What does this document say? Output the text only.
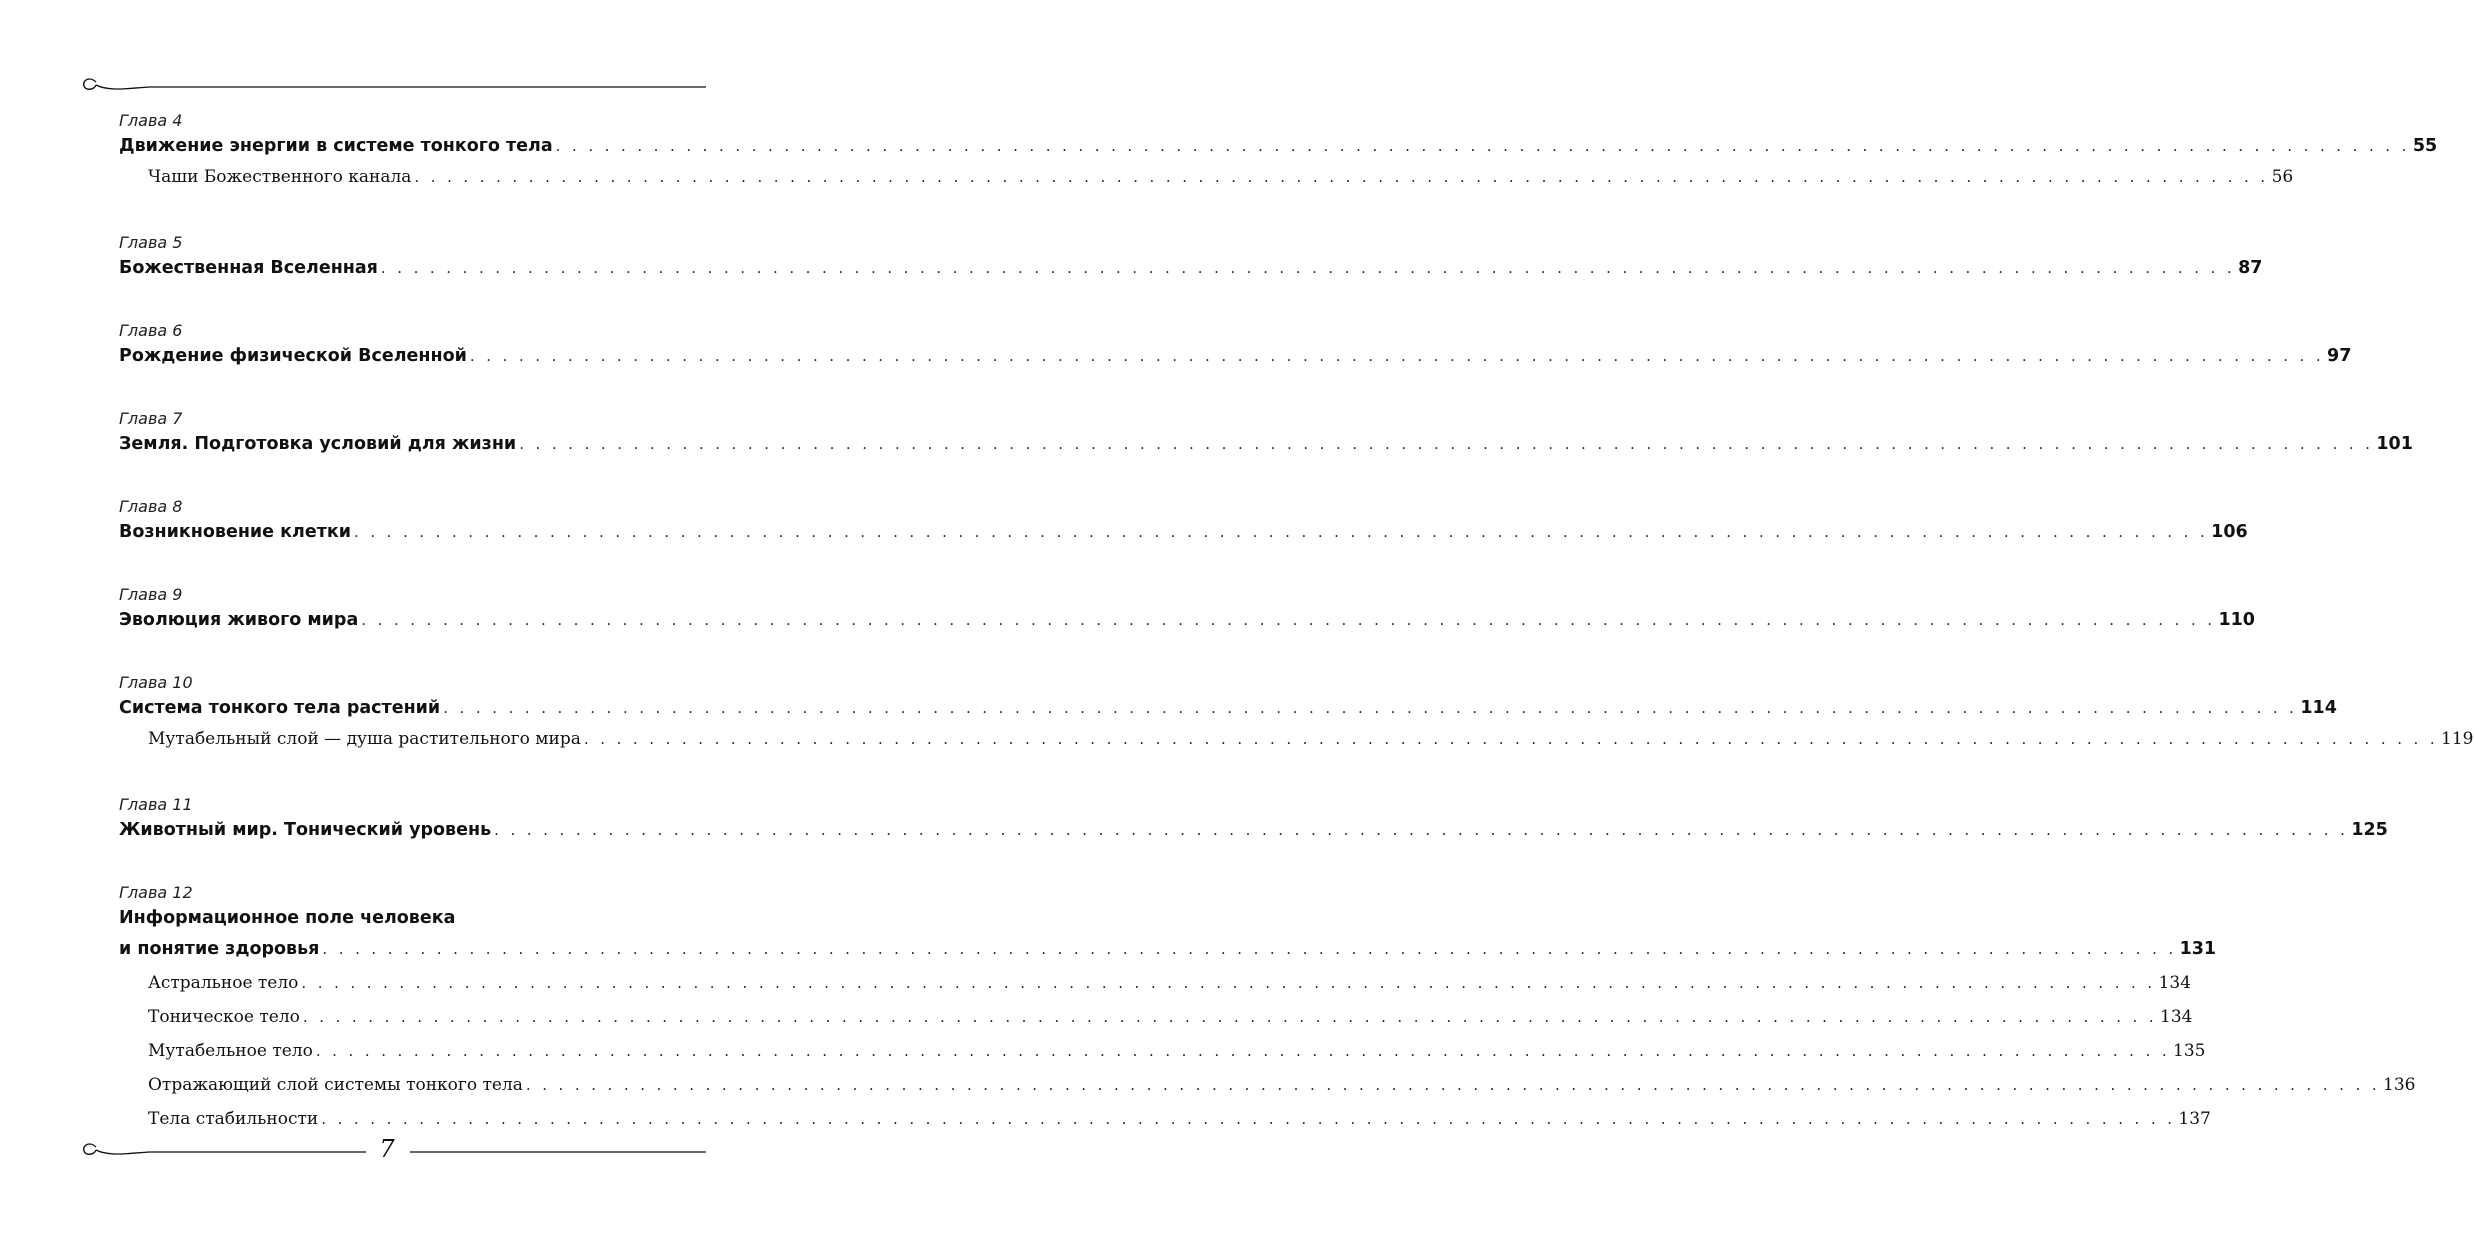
Глава 4
Движение энергии в системе тонкого тела . . . . . . . . . . . . . . . . . . . . . . . . . . . . . . . . . . . . . . . . . . . . . . . . . . . . . . . . . . . . . . . . . . . . . . . . . . . . . . . . . . . . . . . . . . . . . . . . . . . . . . . . . . . . . . . . . . 55
Чаши Божественного канала . . . . . . . . . . . . . . . . . . . . . . . . . . . . . . . . . . . . . . . . . . . . . . . . . . . . . . . . . . . . . . . . . . . . . . . . . . . . . . . . . . . . . . . . . . . . . . . . . . . . . . . . . . . . . . . . . . 56
Глава 5
Божественная Вселенная . . . . . . . . . . . . . . . . . . . . . . . . . . . . . . . . . . . . . . . . . . . . . . . . . . . . . . . . . . . . . . . . . . . . . . . . . . . . . . . . . . . . . . . . . . . . . . . . . . . . . . . . . . . . . . . . . . 87
Глава 6
Рождение физической Вселенной . . . . . . . . . . . . . . . . . . . . . . . . . . . . . . . . . . . . . . . . . . . . . . . . . . . . . . . . . . . . . . . . . . . . . . . . . . . . . . . . . . . . . . . . . . . . . . . . . . . . . . . . . . . . . . . . . . 97
Глава 7
Земля. Подготовка условий для жизни . . . . . . . . . . . . . . . . . . . . . . . . . . . . . . . . . . . . . . . . . . . . . . . . . . . . . . . . . . . . . . . . . . . . . . . . . . . . . . . . . . . . . . . . . . . . . . . . . . . . . . . . . . . . . . . . . . 101
Глава 8
Возникновение клетки . . . . . . . . . . . . . . . . . . . . . . . . . . . . . . . . . . . . . . . . . . . . . . . . . . . . . . . . . . . . . . . . . . . . . . . . . . . . . . . . . . . . . . . . . . . . . . . . . . . . . . . . . . . . . . . . . . 106
Глава 9
Эволюция живого мира . . . . . . . . . . . . . . . . . . . . . . . . . . . . . . . . . . . . . . . . . . . . . . . . . . . . . . . . . . . . . . . . . . . . . . . . . . . . . . . . . . . . . . . . . . . . . . . . . . . . . . . . . . . . . . . . . . 110
Глава 10
Система тонкого тела растений . . . . . . . . . . . . . . . . . . . . . . . . . . . . . . . . . . . . . . . . . . . . . . . . . . . . . . . . . . . . . . . . . . . . . . . . . . . . . . . . . . . . . . . . . . . . . . . . . . . . . . . . . . . . . . . . . . 114
Мутабельный слой — душа растительного мира . . . . . . . . . . . . . . . . . . . . . . . . . . . . . . . . . . . . . . . . . . . . . . . . . . . . . . . . . . . . . . . . . . . . . . . . . . . . . . . . . . . . . . . . . . . . . . . . . . . . . . . . . . . . . . . . . . 119
Глава 11
Животный мир. Тонический уровень . . . . . . . . . . . . . . . . . . . . . . . . . . . . . . . . . . . . . . . . . . . . . . . . . . . . . . . . . . . . . . . . . . . . . . . . . . . . . . . . . . . . . . . . . . . . . . . . . . . . . . . . . . . . . . . . . . 125
Глава 12
Информационное поле человека
и понятие здоровья . . . . . . . . . . . . . . . . . . . . . . . . . . . . . . . . . . . . . . . . . . . . . . . . . . . . . . . . . . . . . . . . . . . . . . . . . . . . . . . . . . . . . . . . . . . . . . . . . . . . . . . . . . . . . . . . . . 131
Астральное тело . . . . . . . . . . . . . . . . . . . . . . . . . . . . . . . . . . . . . . . . . . . . . . . . . . . . . . . . . . . . . . . . . . . . . . . . . . . . . . . . . . . . . . . . . . . . . . . . . . . . . . . . . . . . . . . . . . 134
Тоническое тело . . . . . . . . . . . . . . . . . . . . . . . . . . . . . . . . . . . . . . . . . . . . . . . . . . . . . . . . . . . . . . . . . . . . . . . . . . . . . . . . . . . . . . . . . . . . . . . . . . . . . . . . . . . . . . . . . . 134
Мутабельное тело . . . . . . . . . . . . . . . . . . . . . . . . . . . . . . . . . . . . . . . . . . . . . . . . . . . . . . . . . . . . . . . . . . . . . . . . . . . . . . . . . . . . . . . . . . . . . . . . . . . . . . . . . . . . . . . . . . 135
Отражающий слой системы тонкого тела . . . . . . . . . . . . . . . . . . . . . . . . . . . . . . . . . . . . . . . . . . . . . . . . . . . . . . . . . . . . . . . . . . . . . . . . . . . . . . . . . . . . . . . . . . . . . . . . . . . . . . . . . . . . . . . . . . 136
Тела стабильности . . . . . . . . . . . . . . . . . . . . . . . . . . . . . . . . . . . . . . . . . . . . . . . . . . . . . . . . . . . . . . . . . . . . . . . . . . . . . . . . . . . . . . . . . . . . . . . . . . . . . . . . . . . . . . . . . . 137
7
